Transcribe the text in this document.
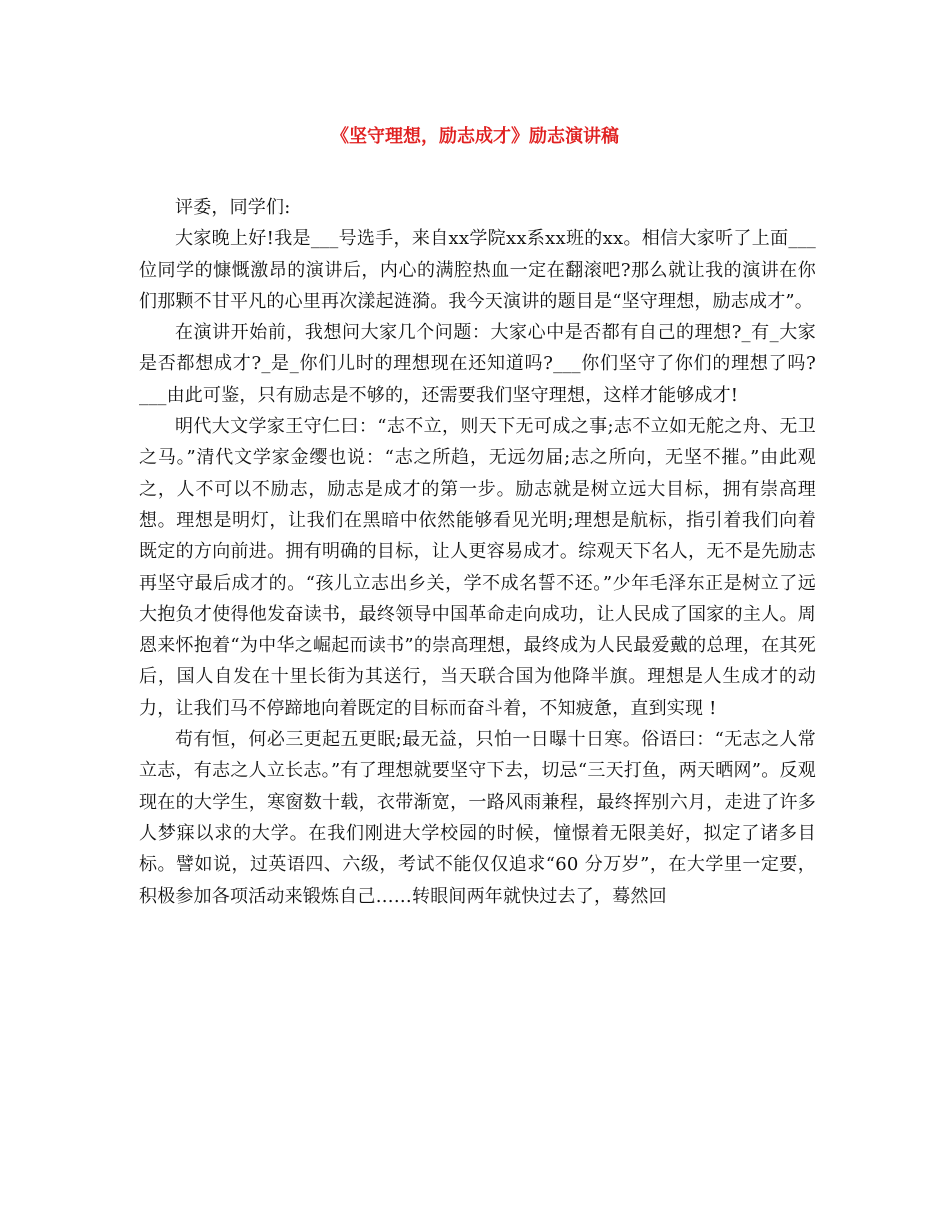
《坚守理想，励志成才》励志演讲稿

评委，同学们:

大家晚上好!我是___号选手，来自xx学院xx系xx班的xx。相信大家听了上面___位同学的慷慨激昂的演讲后，内心的满腔热血一定在翻滚吧?那么就让我的演讲在你们那颗不甘平凡的心里再次漾起涟漪。我今天演讲的题目是“坚守理想，励志成才”。

在演讲开始前，我想问大家几个问题：大家心中是否都有自己的理想?_有_大家是否都想成才?_是_你们儿时的理想现在还知道吗?___你们坚守了你们的理想了吗?___由此可鉴，只有励志是不够的，还需要我们坚守理想，这样才能够成才!

明代大文学家王守仁曰：“志不立，则天下无可成之事;志不立如无舵之舟、无卫之马。”清代文学家金缨也说：“志之所趋，无远勿届;志之所向，无坚不摧。”由此观之，人不可以不励志，励志是成才的第一步。励志就是树立远大目标，拥有崇高理想。理想是明灯，让我们在黑暗中依然能够看见光明;理想是航标，指引着我们向着既定的方向前进。拥有明确的目标，让人更容易成才。综观天下名人，无不是先励志再坚守最后成才的。“孩儿立志出乡关，学不成名誓不还。”少年毛泽东正是树立了远大抱负才使得他发奋读书，最终领导中国革命走向成功，让人民成了国家的主人。周恩来怀抱着“为中华之崛起而读书”的崇高理想，最终成为人民最爱戴的总理，在其死后，国人自发在十里长街为其送行，当天联合国为他降半旗。理想是人生成才的动力，让我们马不停蹄地向着既定的目标而奋斗着，不知疲惫，直到实现 !

苟有恒，何必三更起五更眠;最无益，只怕一日曝十日寒。俗语曰：“无志之人常立志，有志之人立长志。”有了理想就要坚守下去，切忌“三天打鱼，两天晒网”。反观现在的大学生，寒窗数十载，衣带渐宽，一路风雨兼程，最终挥别六月，走进了许多人梦寐以求的大学。在我们刚进大学校园的时候，憧憬着无限美好，拟定了诸多目标。譬如说，过英语四、六级，考试不能仅仅追求“60 分万岁”，在大学里一定要，积极参加各项活动来锻炼自己……转眼间两年就快过去了，蓦然回
